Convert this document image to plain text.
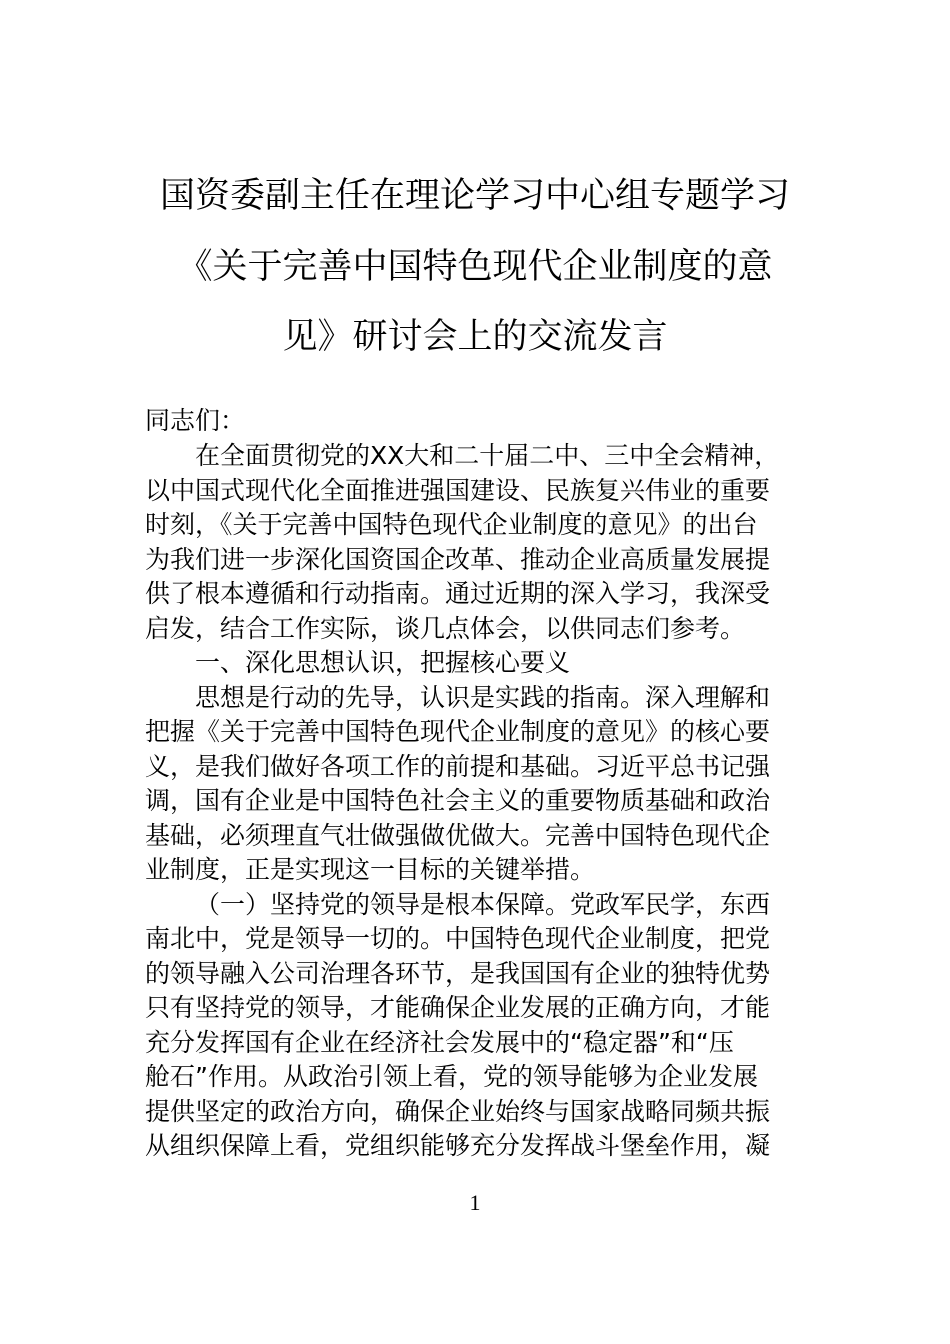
国资委副主任在理论学习中心组专题学习
《关于完善中国特色现代企业制度的意
见》研讨会上的交流发言
同志们：
在全面贯彻党的XX大和二十届二中、三中全会精神，
以中国式现代化全面推进强国建设、民族复兴伟业的重要
时刻，《关于完善中国特色现代企业制度的意见》的出台
为我们进一步深化国资国企改革、推动企业高质量发展提
供了根本遵循和行动指南。通过近期的深入学习，我深受
启发，结合工作实际，谈几点体会，以供同志们参考。
一、深化思想认识，把握核心要义
思想是行动的先导，认识是实践的指南。深入理解和
把握《关于完善中国特色现代企业制度的意见》的核心要
义，是我们做好各项工作的前提和基础。习近平总书记强
调，国有企业是中国特色社会主义的重要物质基础和政治
基础，必须理直气壮做强做优做大。完善中国特色现代企
业制度，正是实现这一目标的关键举措。
（一）坚持党的领导是根本保障。党政军民学，东西
南北中，党是领导一切的。中国特色现代企业制度，把党
的领导融入公司治理各环节，是我国国有企业的独特优势
只有坚持党的领导，才能确保企业发展的正确方向，才能
充分发挥国有企业在经济社会发展中的“稳定器”和“压
舱石”作用。从政治引领上看，党的领导能够为企业发展
提供坚定的政治方向，确保企业始终与国家战略同频共振
从组织保障上看，党组织能够充分发挥战斗堡垒作用，凝
1
